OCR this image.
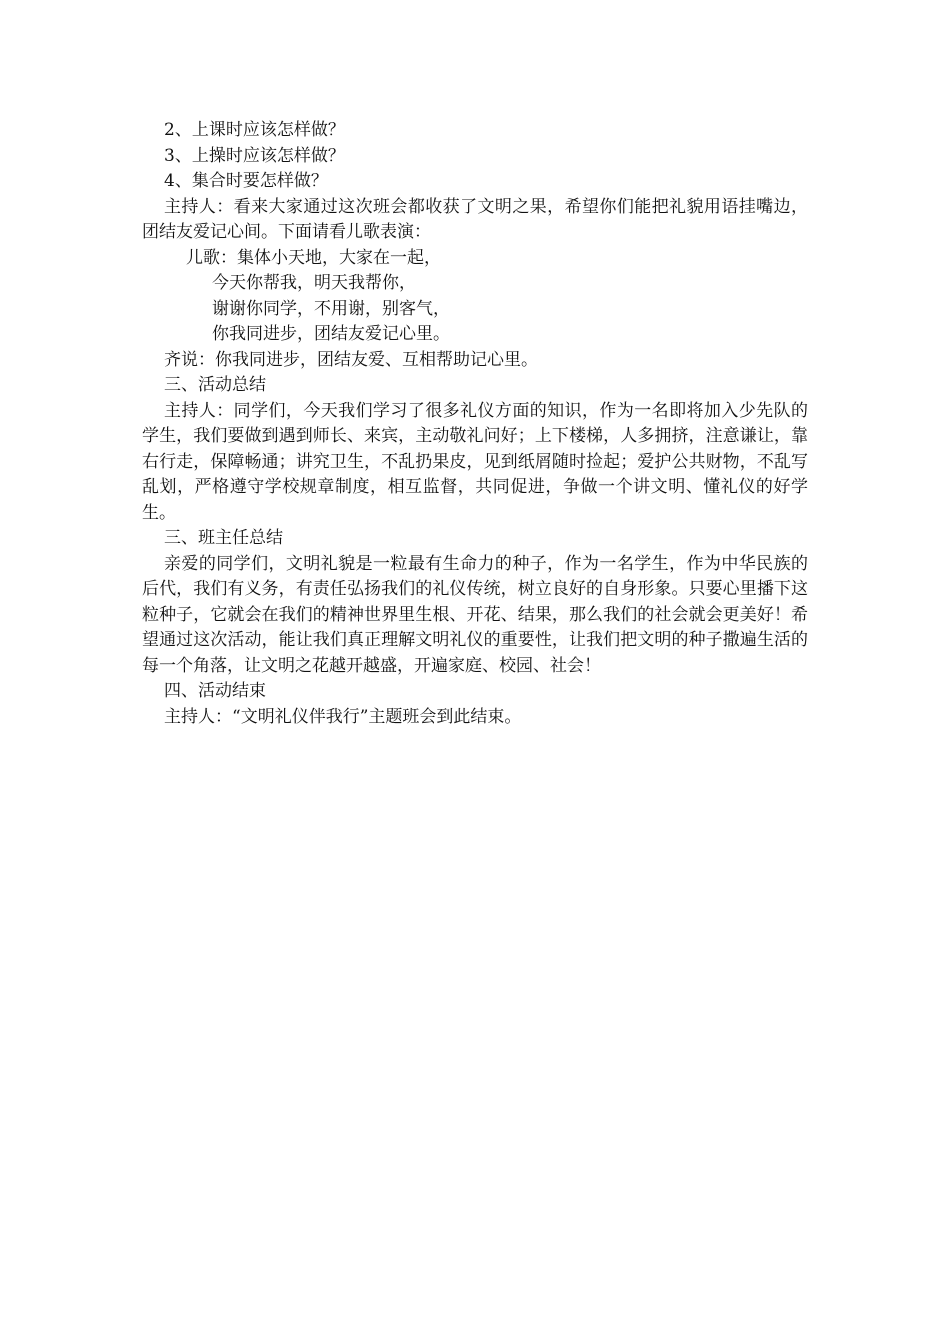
2、上课时应该怎样做？
3、上操时应该怎样做？
4、集合时要怎样做？
主持人：看来大家通过这次班会都收获了文明之果，希望你们能把礼貌用语挂嘴边，团结友爱记心间。下面请看儿歌表演：
儿歌：集体小天地，大家在一起，
今天你帮我，明天我帮你，
谢谢你同学，不用谢，别客气，
你我同进步，团结友爱记心里。
齐说：你我同进步，团结友爱、互相帮助记心里。
三、活动总结
主持人：同学们，今天我们学习了很多礼仪方面的知识，作为一名即将加入少先队的学生，我们要做到遇到师长、来宾，主动敬礼问好；上下楼梯，人多拥挤，注意谦让，靠右行走，保障畅通；讲究卫生，不乱扔果皮，见到纸屑随时捡起；爱护公共财物，不乱写乱划，严格遵守学校规章制度，相互监督，共同促进，争做一个讲文明、懂礼仪的好学生。
三、班主任总结
亲爱的同学们，文明礼貌是一粒最有生命力的种子，作为一名学生，作为中华民族的后代，我们有义务，有责任弘扬我们的礼仪传统，树立良好的自身形象。只要心里播下这粒种子，它就会在我们的精神世界里生根、开花、结果，那么我们的社会就会更美好！希望通过这次活动，能让我们真正理解文明礼仪的重要性，让我们把文明的种子撒遍生活的每一个角落，让文明之花越开越盛，开遍家庭、校园、社会！
四、活动结束
主持人：“文明礼仪伴我行”主题班会到此结束。
